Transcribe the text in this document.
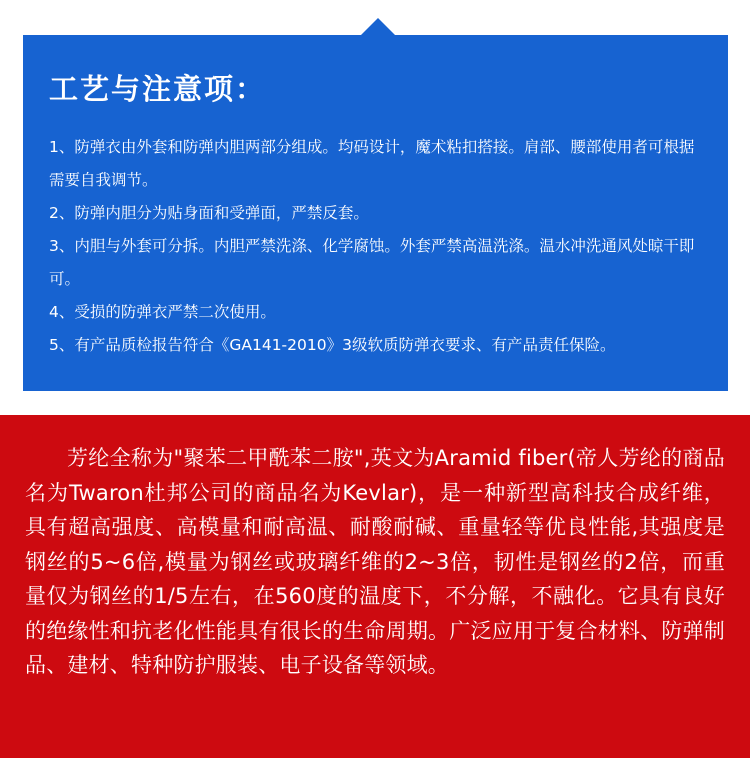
工艺与注意项：
1、防弹衣由外套和防弹内胆两部分组成。均码设计，魔术粘扣搭接。肩部、腰部使用者可根据需要自我调节。
2、防弹内胆分为贴身面和受弹面，严禁反套。
3、内胆与外套可分拆。内胆严禁洗涤、化学腐蚀。外套严禁高温洗涤。温水冲洗通风处晾干即可。
4、受损的防弹衣严禁二次使用。
5、有产品质检报告符合《GA141-2010》3级软质防弹衣要求、有产品责任保险。

芳纶全称为"聚苯二甲酰苯二胺",英文为Aramid fiber(帝人芳纶的商品名为Twaron杜邦公司的商品名为Kevlar)，是一种新型高科技合成纤维，具有超高强度、高模量和耐高温、耐酸耐碱、重量轻等优良性能,其强度是钢丝的5~6倍,模量为钢丝或玻璃纤维的2~3倍，韧性是钢丝的2倍，而重量仅为钢丝的1/5左右，在560度的温度下，不分解，不融化。它具有良好的绝缘性和抗老化性能具有很长的生命周期。广泛应用于复合材料、防弹制品、建材、特种防护服装、电子设备等领域。
